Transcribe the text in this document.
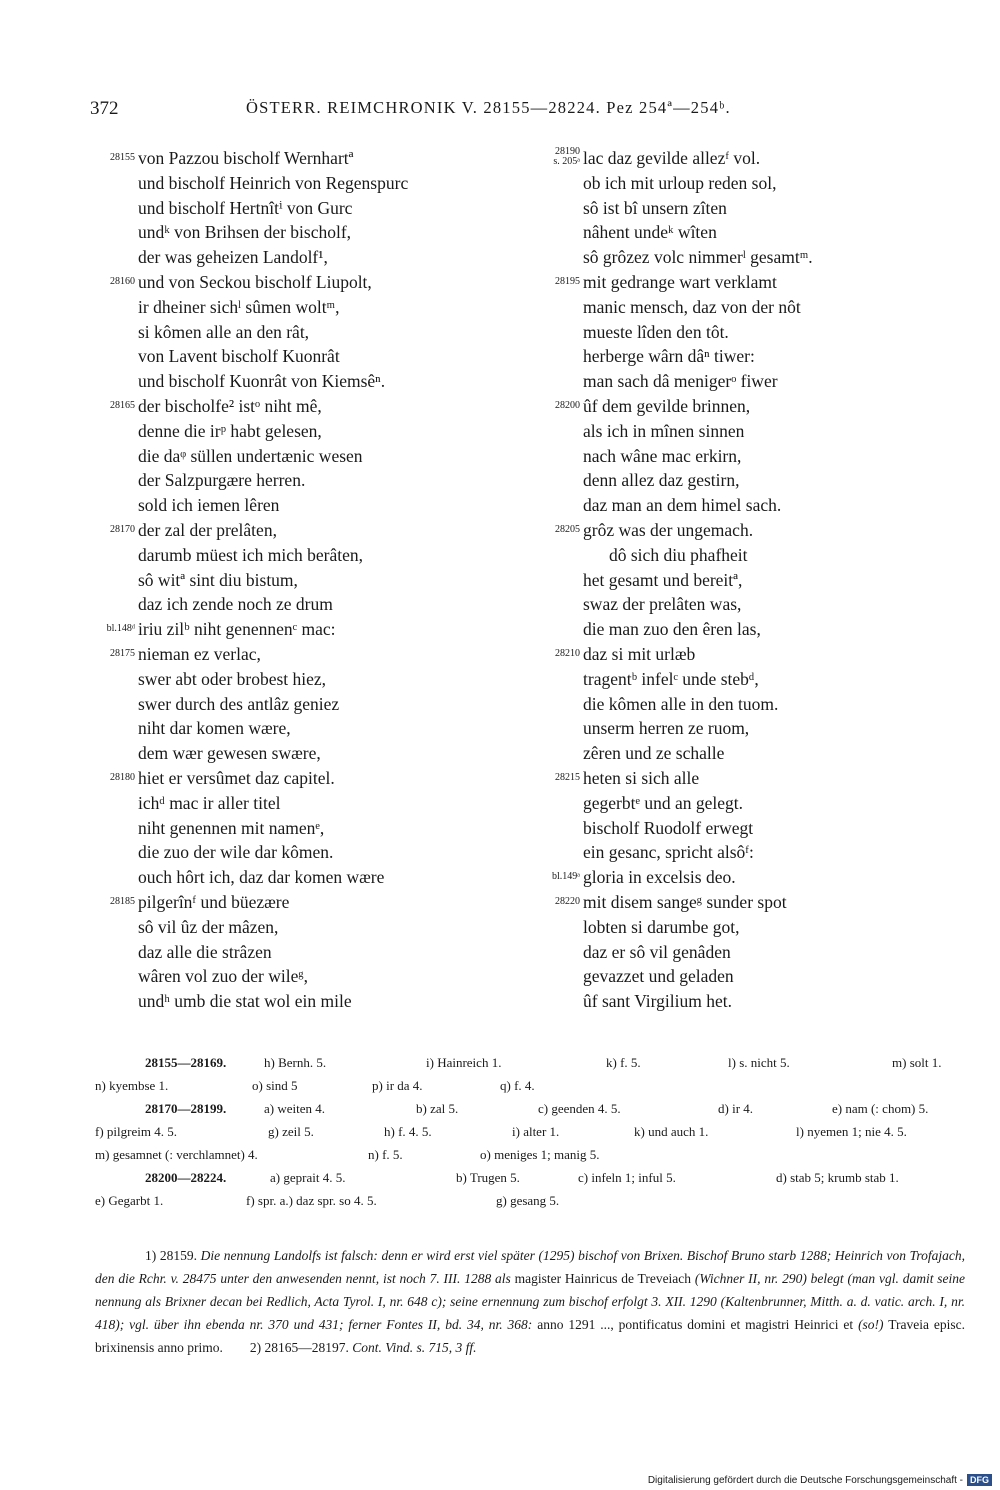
372	ÖSTERR. REIMCHRONIK V. 28155—28224. Pez 254ª—254ᵇ.
28155 von Pazzou bischolf Wernhartª
und bischolf Heinrich von Regenspurc
und bischolf Hertnîtⁱ von Gurc
undᵏ von Brihsen der bischolf,
der was geheizen Landolf¹,
28160 und von Seckou bischolf Liupolt,
ir dheiner sichˡ sûmen woltᵐ,
si kômen alle an den rât,
von Lavent bischolf Kuonrât
und bischolf Kuonrât von Kiemsêⁿ.
28165 der bischolfe² istᵒ niht mê,
denne die irᵖ habt gelesen,
die daᵠ süllen undertænic wesen
der Salzpurgære herren.
sold ich iemen lêren
28170 der zal der prelâten,
darumb müest ich mich berâten,
sô witª sint diu bistum,
daz ich zende noch ze drum
bl.148ᵈ iriu zilᵇ niht genennenᶜ mac:
28175 nieman ez verlac,
swer abt oder brobest hiez,
swer durch des antlâz geniez
niht dar komen wære,
dem wær gewesen swære,
28180 hiet er versûmet daz capitel.
ichᵈ mac ir aller titel
niht genennen mit namenᵉ,
die zuo der wile dar kômen.
ouch hôrt ich, daz dar komen wære
28185 pilgerînᶠ und büezære
sô vil ûz der mâzen,
daz alle die strâzen
wâren vol zuo der wileᵍ,
undʰ umb die stat wol ein mile
28190
s. 205ᵃ lac daz gevilde allezᶠ vol.
ob ich mit urloup reden sol,
sô ist bî unsern zîten
nâhent undeᵏ wîten
sô grôzez volc nimmerˡ gesamtᵐ.
28195 mit gedrange wart verklamt
manic mensch, daz von der nôt
mueste lîden den tôt.
herberge wârn dâⁿ tiwer:
man sach dâ menigerᵒ fiwer
28200 ûf dem gevilde brinnen,
als ich in mînen sinnen
nach wâne mac erkirn,
denn allez daz gestirn,
daz man an dem himel sach.
28205 grôz was der ungemach.
dô sich diu phafheit
het gesamt und bereitª,
swaz der prelâten was,
die man zuo den êren las,
28210 daz si mit urlæb
tragentᵇ infelᶜ unde stebᵈ,
die kômen alle in den tuom.
unserm herren ze ruom,
zêren und ze schalle
28215 heten si sich alle
gegerbtᵉ und an gelegt.
bischolf Ruodolf erwegt
ein gesanc, spricht alsôᶠ:
bl.149ᵃ gloria in excelsis deo.
28220 mit disem sangeᵍ sunder spot
lobten si darumbe got,
daz er sô vil genâden
gevazzet und geladen
ûf sant Virgilium het.
28155—28169.	h) Bernh. 5.	i) Hainreich 1.	k) f. 5.	l) s. nicht 5.	m) solt 1.
n) kyembse 1.	o) sind 5	p) ir da 4.	q) f. 4.
28170—28199.	a) weiten 4.	b) zal 5.	c) geenden 4. 5.	d) ir 4.	e) nam (: chom) 5.
f) pilgreim 4. 5.	g) zeil 5.	h) f. 4. 5.	i) alter 1.	k) und auch 1.	l) nyemen 1; nie 4. 5.
m) gesamnet (: verchlamnet) 4.	n) f. 5.	o) meniges 1; manig 5.
28200—28224.	a) geprait 4. 5.	b) Trugen 5.	c) infeln 1; inful 5.	d) stab 5; krumb stab 1.
e) Gegarbt 1.	f) spr. a.) daz spr. so 4. 5.	g) gesang 5.

1) 28159. Die nennung Landolfs ist falsch: denn er wird erst viel später (1295) bischof von Brixen. Bischof Bruno starb 1288; Heinrich von Trofajach, den die Rchr. v. 28475 unter den anwesenden nennt, ist noch 7. III. 1288 als magister Hainricus de Treveiach (Wichner II, nr. 290) belegt (man vgl. damit seine nennung als Brixner decan bei Redlich, Acta Tyrol. I, nr. 648 c); seine ernennung zum bischof erfolgt 3. XII. 1290 (Kaltenbrunner, Mitth. a. d. vatic. arch. I, nr. 418); vgl. über ihn ebenda nr. 370 und 431; ferner Fontes II, bd. 34, nr. 368: anno 1291 ..., pontificatus domini et magistri Heinrici et (so!) Traveia episc. brixinensis anno primo. 2) 28165—28197. Cont. Vind. s. 715, 3 ff.

Digitalisierung gefördert durch die Deutsche Forschungsgemeinschaft - DFG
